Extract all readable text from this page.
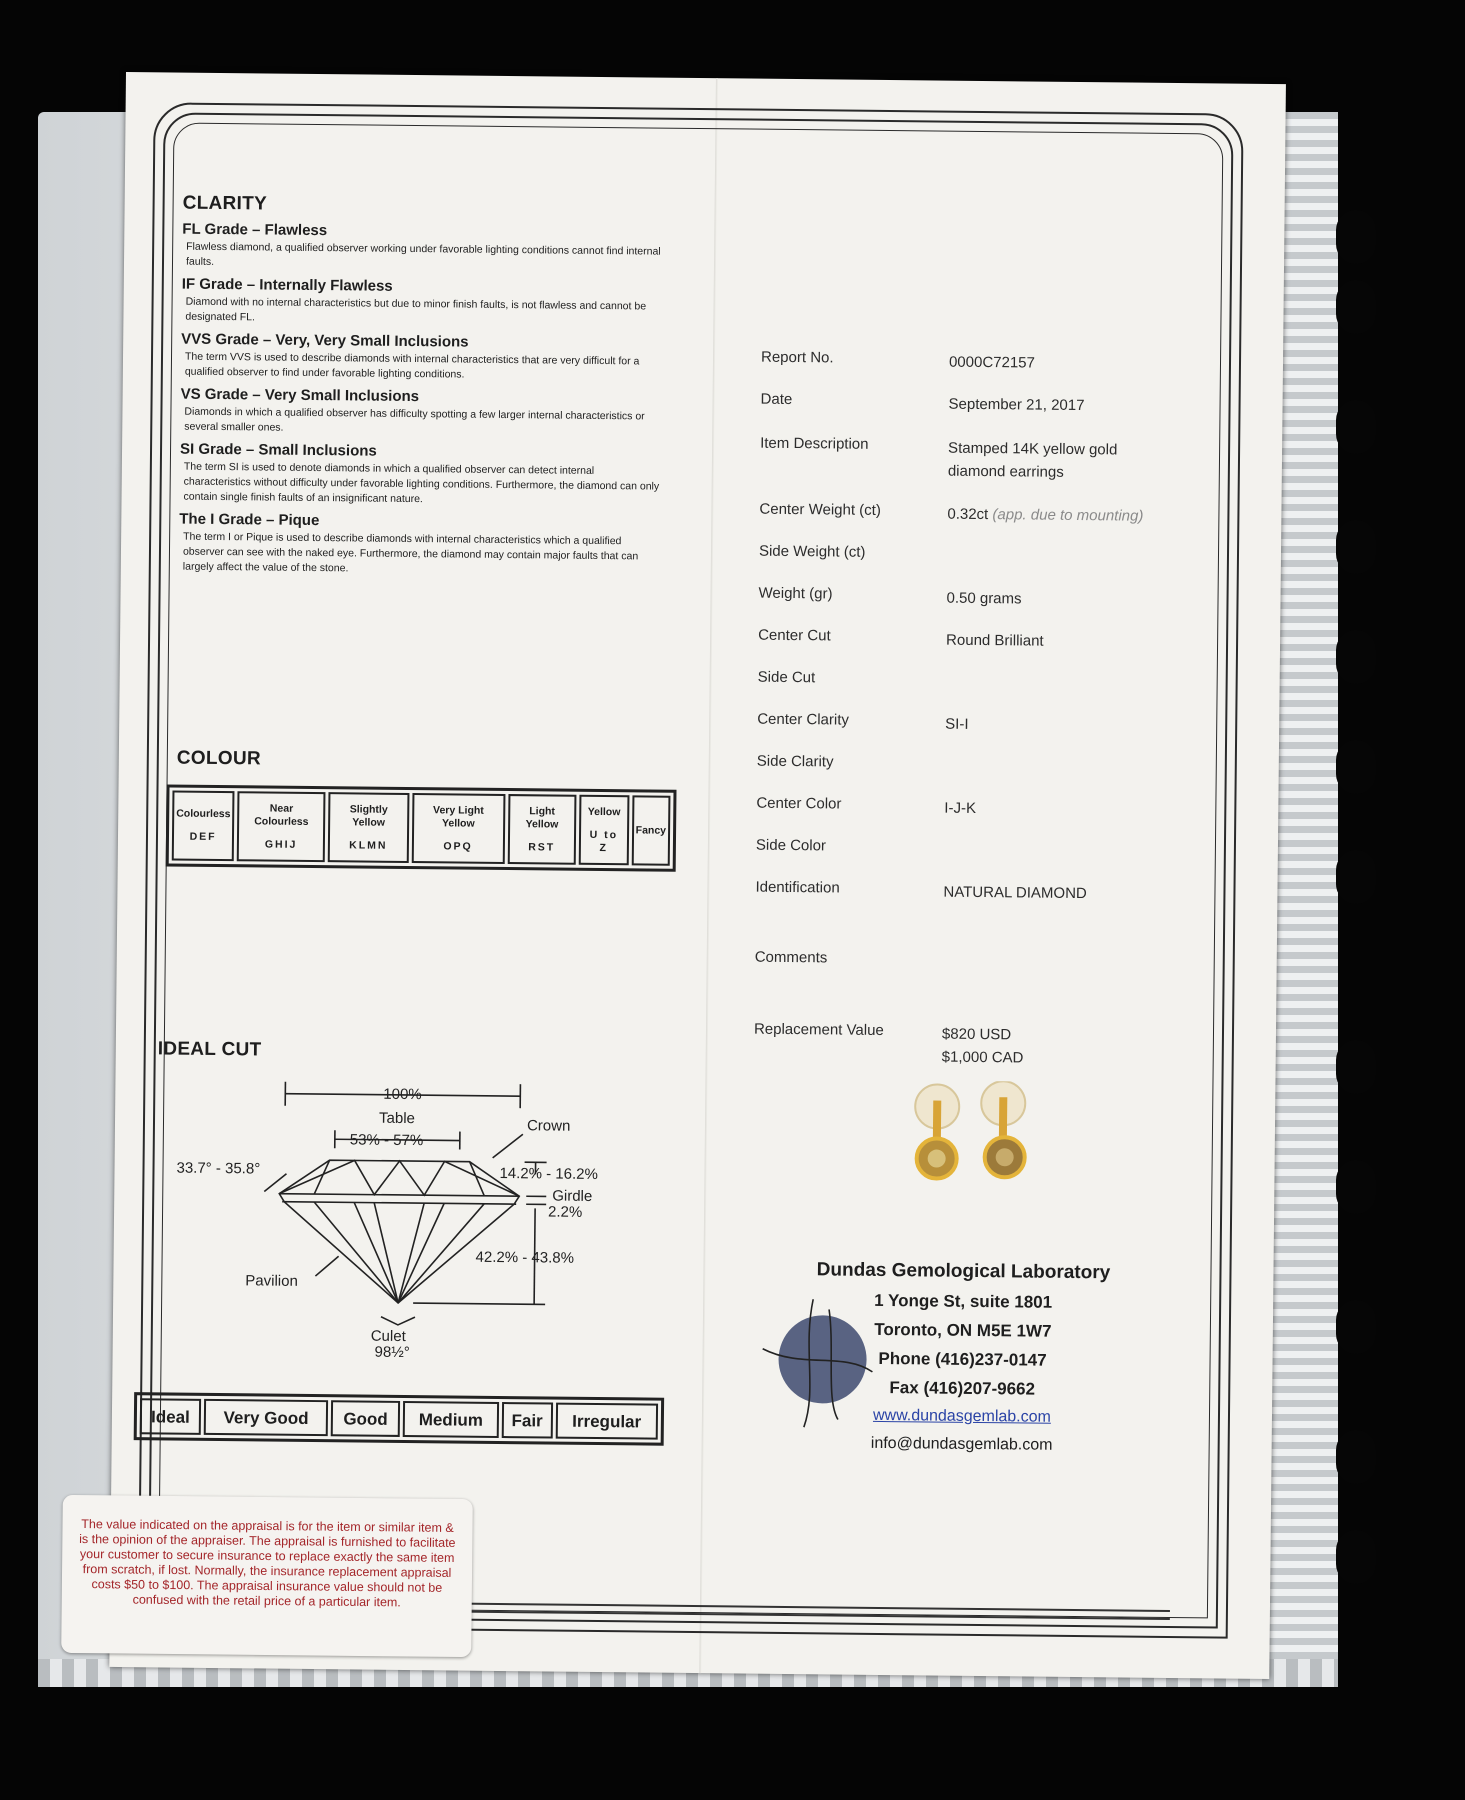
CLARITY
FL Grade – Flawless
Flawless diamond, a qualified observer working under favorable lighting conditions cannot find internal faults.
IF Grade – Internally Flawless
Diamond with no internal characteristics but due to minor finish faults, is not flawless and cannot be designated FL.
VVS Grade – Very, Very Small Inclusions
The term VVS is used to describe diamonds with internal characteristics that are very difficult for a qualified observer to find under favorable lighting conditions.
VS Grade – Very Small Inclusions
Diamonds in which a qualified observer has difficulty spotting a few larger internal characteristics or several smaller ones.
SI Grade – Small Inclusions
The term SI is used to denote diamonds in which a qualified observer can detect internal characteristics without difficulty under favorable lighting conditions. Furthermore, the diamond can only contain single finish faults of an insignificant nature.
The I Grade – Pique
The term I or Pique is used to describe diamonds with internal characteristics which a qualified observer can see with the naked eye. Furthermore, the diamond may contain major faults that can largely affect the value of the stone.
COLOUR
Colourless
DEF
	Near Colourless
GHIJ
	Slightly Yellow
KLMN
	Very Light Yellow
OPQ
	Light Yellow
RST
	Yellow
U to Z
	Fancy
IDEAL CUT
100%
Table
53% - 57%
Crown
33.7° - 35.8°	14.2% - 16.2%
Girdle
2.2%
42.2% - 43.8%
Pavilion
Culet
98½°
Ideal	Very Good	Good	Medium	Fair	Irregular
Report No.	0000C72157
Date	September 21, 2017
Item Description	Stamped 14K yellow gold
diamond earrings
Center Weight (ct)	0.32ct (app. due to mounting)
Side Weight (ct)
Weight (gr)	0.50 grams
Center Cut	Round Brilliant
Side Cut
Center Clarity	SI-I
Side Clarity
Center Color	I-J-K
Side Color
Identification	NATURAL DIAMOND
Comments
Replacement Value	$820 USD
$1,000 CAD
Dundas Gemological Laboratory
1 Yonge St, suite 1801
Toronto, ON M5E 1W7
Phone (416)237-0147
Fax (416)207-9662
www.dundasgemlab.com
info@dundasgemlab.com
The value indicated on the appraisal is for the item or similar item & is the opinion of the appraiser. The appraisal is furnished to facilitate your customer to secure insurance to replace exactly the same item from scratch, if lost. Normally, the insurance replacement appraisal costs $50 to $100. The appraisal insurance value should not be confused with the retail price of a particular item.
